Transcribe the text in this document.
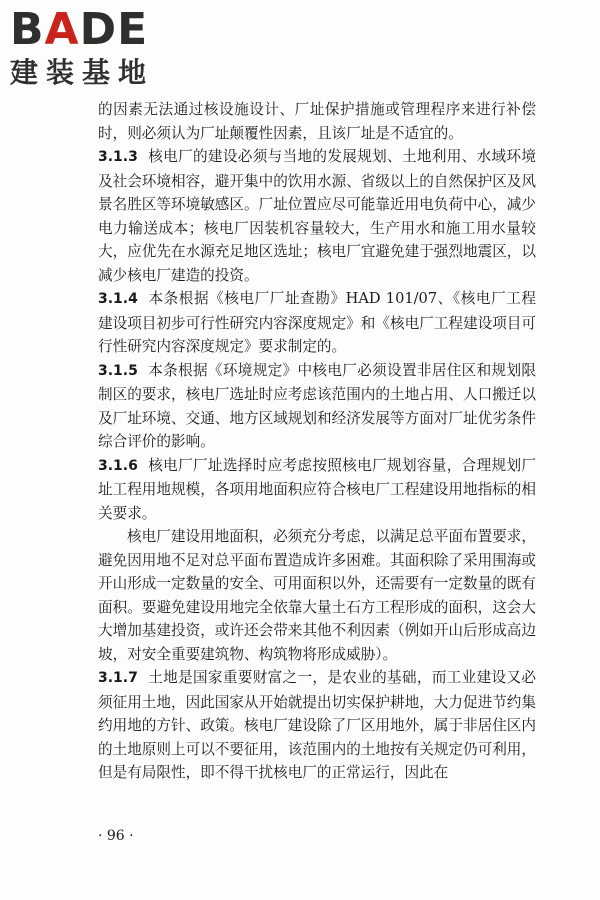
BADE
建装基地

的因素无法通过核设施设计、厂址保护措施或管理程序来进行补偿时，则必须认为厂址颠覆性因素，且该厂址是不适宜的。

3.1.3 核电厂的建设必须与当地的发展规划、土地利用、水域环境及社会环境相容，避开集中的饮用水源、省级以上的自然保护区及风景名胜区等环境敏感区。厂址位置应尽可能靠近用电负荷中心，减少电力输送成本；核电厂因装机容量较大，生产用水和施工用水量较大，应优先在水源充足地区选址；核电厂宜避免建于强烈地震区，以减少核电厂建造的投资。

3.1.4 本条根据《核电厂厂址查勘》HAD 101/07、《核电厂工程建设项目初步可行性研究内容深度规定》和《核电厂工程建设项目可行性研究内容深度规定》要求制定的。

3.1.5 本条根据《环境规定》中核电厂必须设置非居住区和规划限制区的要求，核电厂选址时应考虑该范围内的土地占用、人口搬迁以及厂址环境、交通、地方区域规划和经济发展等方面对厂址优劣条件综合评价的影响。

3.1.6 核电厂厂址选择时应考虑按照核电厂规划容量，合理规划厂址工程用地规模，各项用地面积应符合核电厂工程建设用地指标的相关要求。

核电厂建设用地面积，必须充分考虑，以满足总平面布置要求，避免因用地不足对总平面布置造成许多困难。其面积除了采用围海或开山形成一定数量的安全、可用面积以外，还需要有一定数量的既有面积。要避免建设用地完全依靠大量土石方工程形成的面积，这会大大增加基建投资，或许还会带来其他不利因素（例如开山后形成高边坡，对安全重要建筑物、构筑物将形成威胁）。

3.1.7 土地是国家重要财富之一，是农业的基础，而工业建设又必须征用土地，因此国家从开始就提出切实保护耕地，大力促进节约集约用地的方针、政策。核电厂建设除了厂区用地外，属于非居住区内的土地原则上可以不要征用，该范围内的土地按有关规定仍可利用，但是有局限性，即不得干扰核电厂的正常运行，因此在

· 96 ·
